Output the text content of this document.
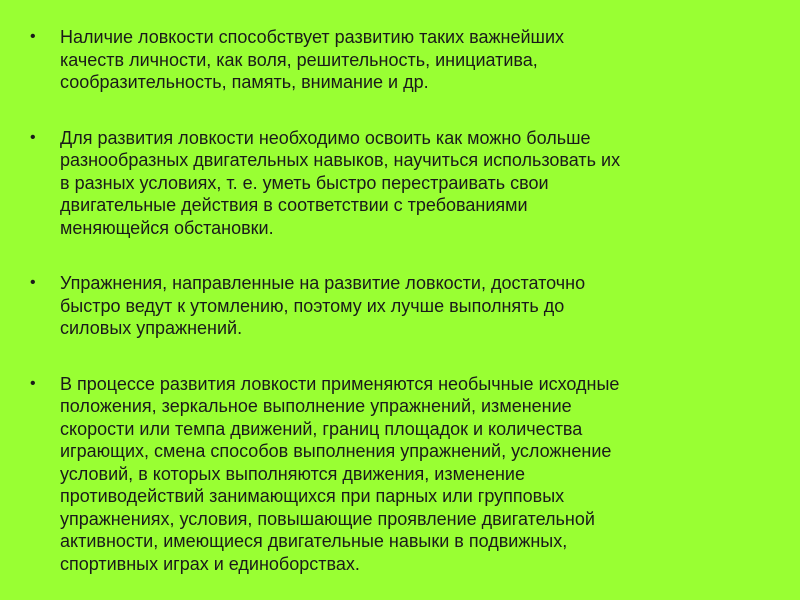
• Наличие ловкости способствует развитию таких важнейших
качеств личности, как воля, решительность, инициатива,
сообразительность, память, внимание и др.
• Для развития ловкости необходимо освоить как можно больше
разнообразных двигательных навыков, научиться использовать их
в разных условиях, т. е. уметь быстро перестраивать свои
двигательные действия в соответствии с требованиями
меняющейся обстановки.
• Упражнения, направленные на развитие ловкости, достаточно
быстро ведут к утомлению, поэтому их лучше выполнять до
силовых упражнений.
• В процессе развития ловкости применяются необычные исходные
положения, зеркальное выполнение упражнений, изменение
скорости или темпа движений, границ площадок и количества
играющих, смена способов выполнения упражнений, усложнение
условий, в которых выполняются движения, изменение
противодействий занимающихся при парных или групповых
упражнениях, условия, повышающие проявление двигательной
активности, имеющиеся двигательные навыки в подвижных,
спортивных играх и единоборствах.
